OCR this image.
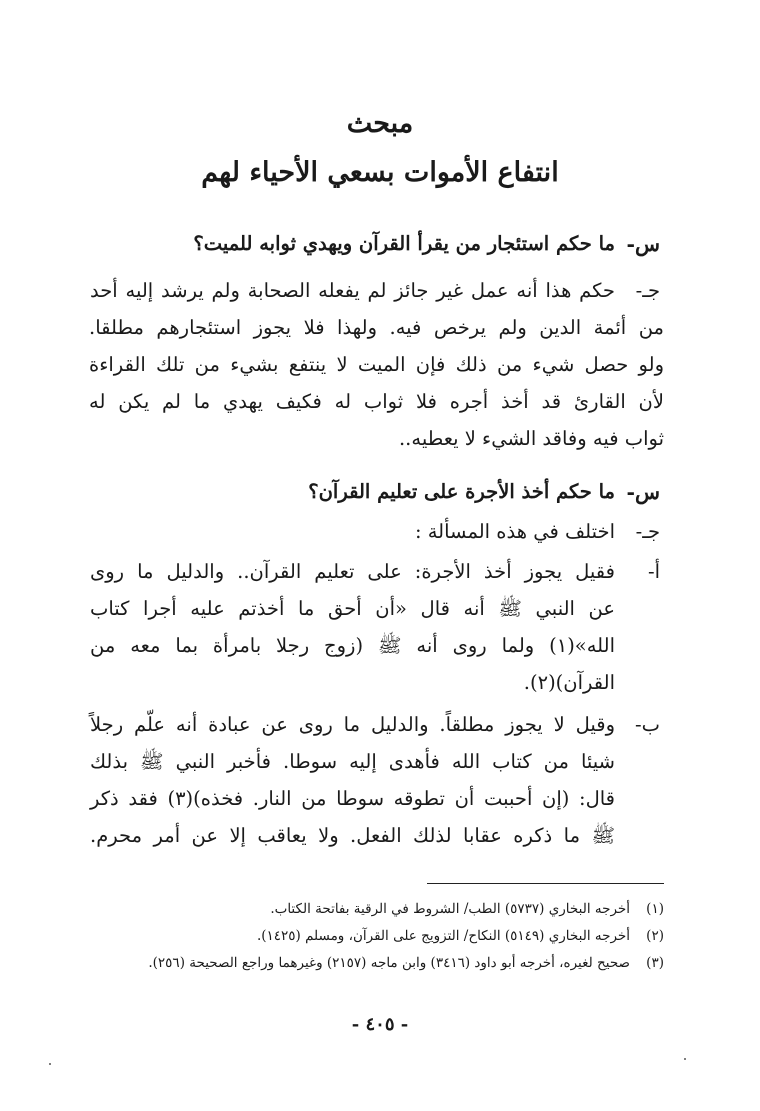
مبحث

انتفاع الأموات بسعي الأحياء لهم

س-

ما حكم استئجار من يقرأ القرآن ويهدي ثوابه للميت؟

جـ-

حكم هذا أنه عمل غير جائز لم يفعله الصحابة ولم يرشد إليه أحد

من أئمة الدين ولم يرخص فيه. ولهذا فلا يجوز استئجارهم مطلقا.

ولو حصل شيء من ذلك فإن الميت لا ينتفع بشيء من تلك القراءة

لأن القارئ قد أخذ أجره فلا ثواب له فكيف يهدي ما لم يكن له

ثواب فيه وفاقد الشيء لا يعطيه..

س-

ما حكم أخذ الأجرة على تعليم القرآن؟

جـ-

اختلف في هذه المسألة :

أ-

فقيل يجوز أخذ الأجرة: على تعليم القرآن.. والدليل ما روى

عن النبي ﷺ أنه قال «أن أحق ما أخذتم عليه أجرا كتاب

الله»(١) ولما روى أنه ﷺ (زوج رجلا بامرأة بما معه من

القرآن)(٢).

ب-

وقيل لا يجوز مطلقاً. والدليل ما روى عن عبادة أنه علّم رجلاً

شيئا من كتاب الله فأهدى إليه سوطا. فأخبر النبي ﷺ بذلك

قال: (إن أحببت أن تطوقه سوطا من النار. فخذه)(٣) فقد ذكر

ﷺ ما ذكره عقابا لذلك الفعل. ولا يعاقب إلا عن أمر محرم.

(١)أخرجه البخاري (٥٧٣٧) الطب/ الشروط في الرقية بفاتحة الكتاب.

(٢)أخرجه البخاري (٥١٤٩) النكاح/ التزويج على القرآن، ومسلم (١٤٢٥).

(٣)صحيح لغيره، أخرجه أبو داود (٣٤١٦) وابن ماجه (٢١٥٧) وغيرهما وراجع الصحيحة (٢٥٦).

- ٤٠٥ -
